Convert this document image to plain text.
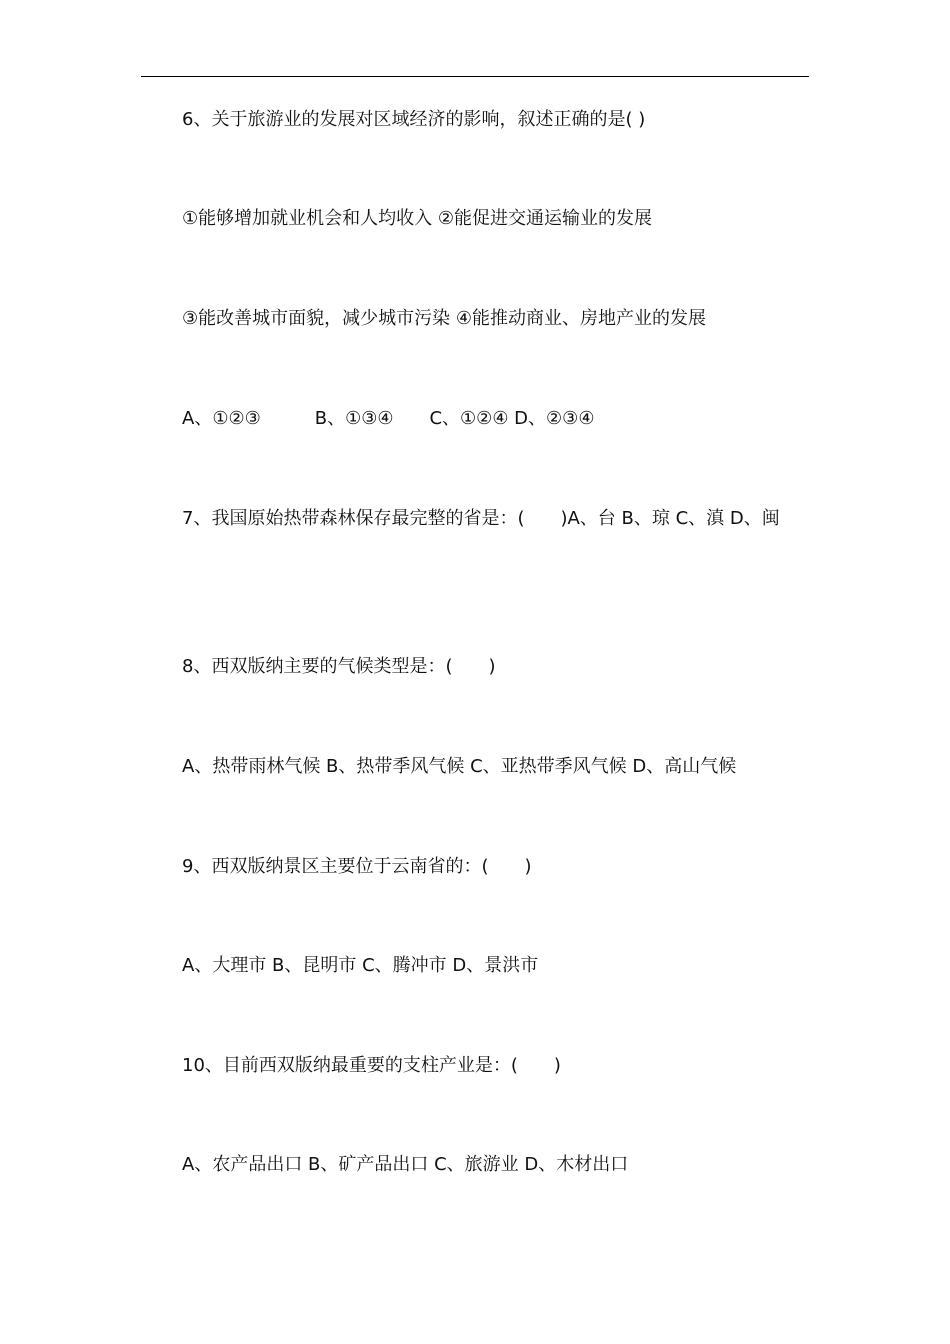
6、关于旅游业的发展对区域经济的影响，叙述正确的是( )
①能够增加就业机会和人均收入 ②能促进交通运输业的发展
③能改善城市面貌，减少城市污染 ④能推动商业、房地产业的发展
A、①②③　　　B、①③④　　C、①②④ D、②③④
7、我国原始热带森林保存最完整的省是：(　　)A、台 B、琼 C、滇 D、闽
8、西双版纳主要的气候类型是：(　　)
A、热带雨林气候 B、热带季风气候 C、亚热带季风气候 D、高山气候
9、西双版纳景区主要位于云南省的：(　　)
A、大理市 B、昆明市 C、腾冲市 D、景洪市
10、目前西双版纳最重要的支柱产业是：(　　)
A、农产品出口 B、矿产品出口 C、旅游业 D、木材出口
